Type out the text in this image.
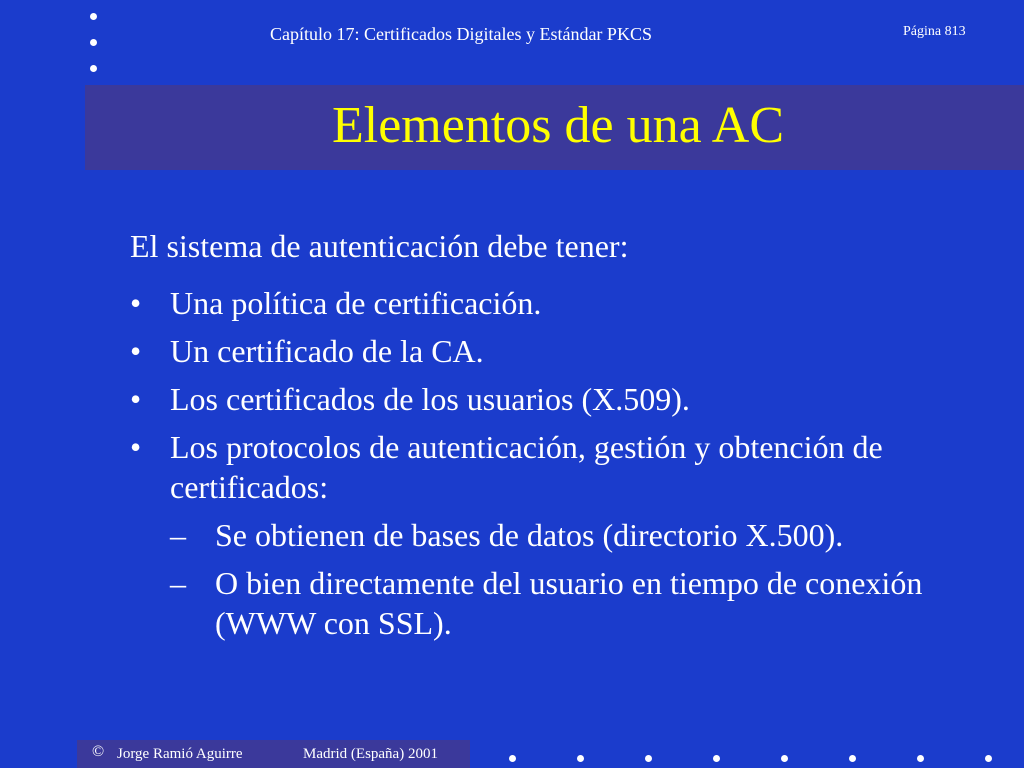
Capítulo 17: Certificados Digitales y Estándar PKCS	Página 813
Elementos de una AC
El sistema de autenticación debe tener:
• Una política de certificación.
• Un certificado de la CA.
• Los certificados de los usuarios (X.509).
• Los protocolos de autenticación, gestión y obtención de certificados:
– Se obtienen de bases de datos (directorio X.500).
– O bien directamente del usuario en tiempo de conexión (WWW con SSL).
© Jorge Ramió Aguirre	Madrid (España) 2001
